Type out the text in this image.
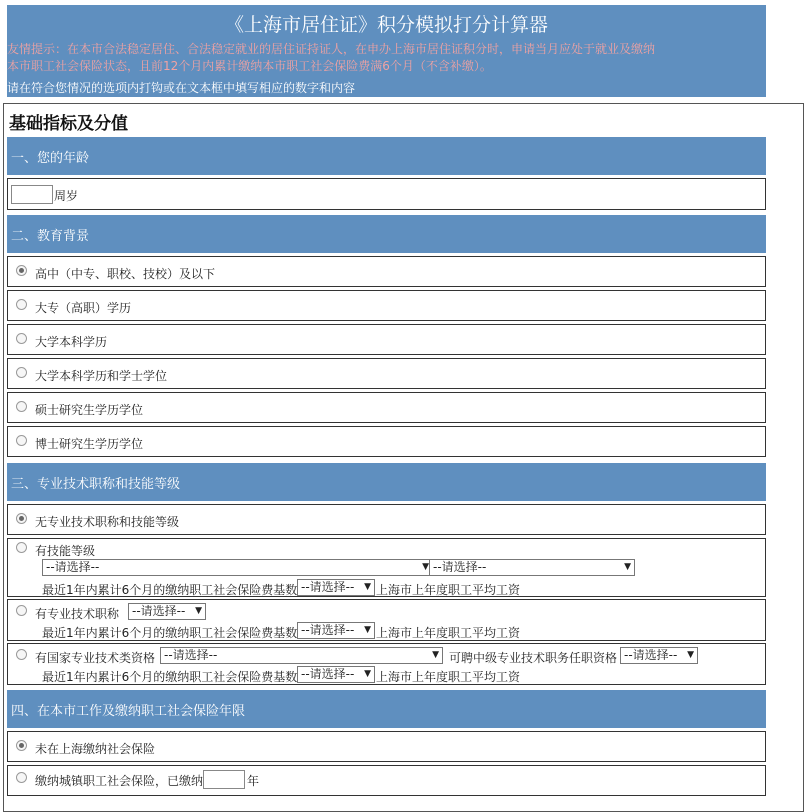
《上海市居住证》积分模拟打分计算器
友情提示：在本市合法稳定居住、合法稳定就业的居住证持证人，在申办上海市居住证积分时，申请当月应处于就业及缴纳
本市职工社会保险状态，且前12个月内累计缴纳本市职工社会保险费满6个月（不含补缴）。
请在符合您情况的选项内打钩或在文本框中填写相应的数字和内容
基础指标及分值
一、您的年龄
周岁
二、教育背景
高中（中专、职校、技校）及以下
大专（高职）学历
大学本科学历
大学本科学历和学士学位
硕士研究生学历学位
博士研究生学历学位
三、专业技术职称和技能等级
无专业技术职称和技能等级
有技能等级
--请选择--	▼ --请选择--	▼
最近1年内累计6个月的缴纳职工社会保险费基数 --请选择-- ▼ 上海市上年度职工平均工资
有专业技术职称	--请选择-- ▼
最近1年内累计6个月的缴纳职工社会保险费基数 --请选择-- ▼ 上海市上年度职工平均工资
有国家专业技术类资格 --请选择--	▼ 可聘中级专业技术职务任职资格 --请选择-- ▼
最近1年内累计6个月的缴纳职工社会保险费基数 --请选择-- ▼ 上海市上年度职工平均工资
四、在本市工作及缴纳职工社会保险年限
未在上海缴纳社会保险
缴纳城镇职工社会保险，已缴纳	年
